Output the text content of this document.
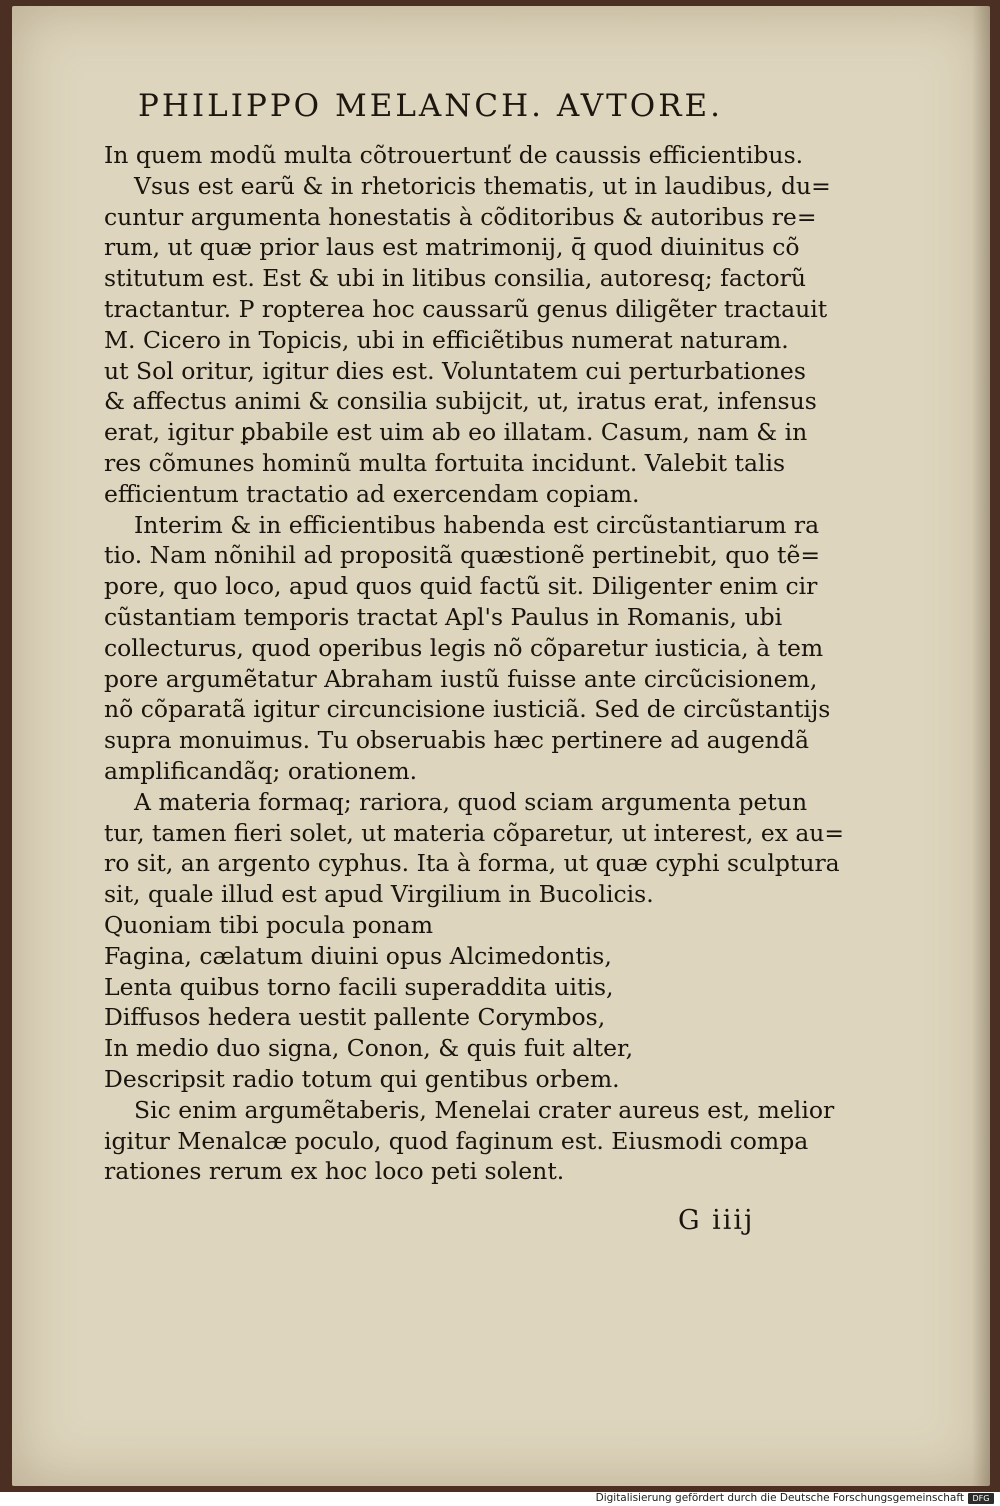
PHILIPPO MELANCH. AVTORE.
In quem modũ multa cõtrouertunť de caussis efficientibus.
Vsus est earũ & in rhetoricis thematis, ut in laudibus, du=
cuntur argumenta honestatis à cõditoribus & autoribus re=
rum, ut quæ prior laus est matrimonij, q̄ quod diuinitus cõ
stitutum est. Est & ubi in litibus consilia, autoresq; factorũ
tractantur. P ropterea hoc caussarũ genus diligẽter tractauit
M. Cicero in Topicis, ubi in efficiẽtibus numerat naturam.
ut Sol oritur, igitur dies est. Voluntatem cui perturbationes
& affectus animi & consilia subijcit, ut, iratus erat, infensus
erat, igitur ꝑbabile est uim ab eo illatam. Casum, nam & in
res cõmunes hominũ multa fortuita incidunt. Valebit talis
efficientum tractatio ad exercendam copiam.
Interim & in efficientibus habenda est circũstantiarum ra
tio. Nam nõnihil ad propositã quæstionẽ pertinebit, quo tẽ=
pore, quo loco, apud quos quid factũ sit. Diligenter enim cir
cũstantiam temporis tractat Apl's Paulus in Romanis, ubi
collecturus, quod operibus legis nõ cõparetur iusticia, à tem
pore argumẽtatur Abraham iustũ fuisse ante circũcisionem,
nõ cõparatã igitur circuncisione iusticiã. Sed de circũstantijs
supra monuimus. Tu obseruabis hæc pertinere ad augendã
amplificandãq; orationem.
A materia formaq; rariora, quod sciam argumenta petun
tur, tamen fieri solet, ut materia cõparetur, ut interest, ex au=
ro sit, an argento cyphus. Ita à forma, ut quæ cyphi sculptura
sit, quale illud est apud Virgilium in Bucolicis.
Quoniam tibi pocula ponam
Fagina, cælatum diuini opus Alcimedontis,
Lenta quibus torno facili superaddita uitis,
Diffusos hedera uestit pallente Corymbos,
In medio duo signa, Conon, & quis fuit alter,
Descripsit radio totum qui gentibus orbem.
Sic enim argumẽtaberis, Menelai crater aureus est, melior
igitur Menalcæ poculo, quod faginum est. Eiusmodi compa
rationes rerum ex hoc loco peti solent.
G iiij
Digitalisierung gefördert durch die Deutsche Forschungsgemeinschaft	DFG
